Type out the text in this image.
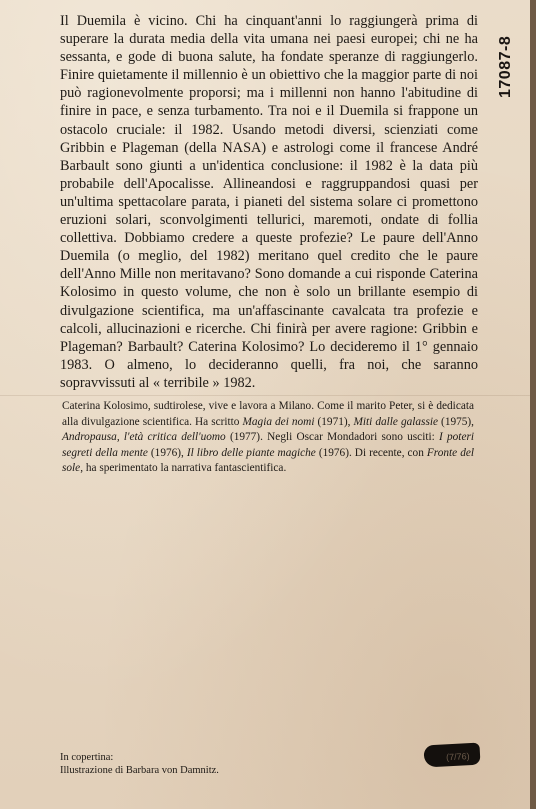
17087-8

Il Duemila è vicino. Chi ha cinquant'anni lo raggiungerà prima di superare la durata media della vita umana nei paesi europei; chi ne ha sessanta, e gode di buona salute, ha fondate speranze di raggiungerlo. Finire quietamente il millennio è un obiettivo che la maggior parte di noi può ragionevolmente proporsi; ma i millenni non hanno l'abitudine di finire in pace, e senza turbamento. Tra noi e il Duemila si frappone un ostacolo cruciale: il 1982. Usando metodi diversi, scienziati come Gribbin e Plageman (della NASA) e astrologi come il francese André Barbault sono giunti a un'identica conclusione: il 1982 è la data più probabile dell'Apocalisse. Allineandosi e raggruppandosi quasi per un'ultima spettacolare parata, i pianeti del sistema solare ci promettono eruzioni solari, sconvolgimenti tellurici, maremoti, ondate di follia collettiva. Dobbiamo credere a queste profezie? Le paure dell'Anno Duemila (o meglio, del 1982) meritano quel credito che le paure dell'Anno Mille non meritavano? Sono domande a cui risponde Caterina Kolosimo in questo volume, che non è solo un brillante esempio di divulgazione scientifica, ma un'affascinante cavalcata tra profezie e calcoli, allucinazioni e ricerche. Chi finirà per avere ragione: Gribbin e Plageman? Barbault? Caterina Kolosimo? Lo decideremo il 1° gennaio 1983. O almeno, lo decideranno quelli, fra noi, che saranno sopravvissuti al « terribile » 1982.

Caterina Kolosimo, sudtirolese, vive e lavora a Milano. Come il marito Peter, si è dedicata alla divulgazione scientifica. Ha scritto Magia dei nomi (1971), Miti dalle galassie (1975), Andropausa, l'età critica dell'uomo (1977). Negli Oscar Mondadori sono usciti: I poteri segreti della mente (1976), Il libro delle piante magiche (1976). Di recente, con Fronte del sole, ha sperimentato la narrativa fantascientifica.

In copertina:
Illustrazione di Barbara von Damnitz.
(7/76)
